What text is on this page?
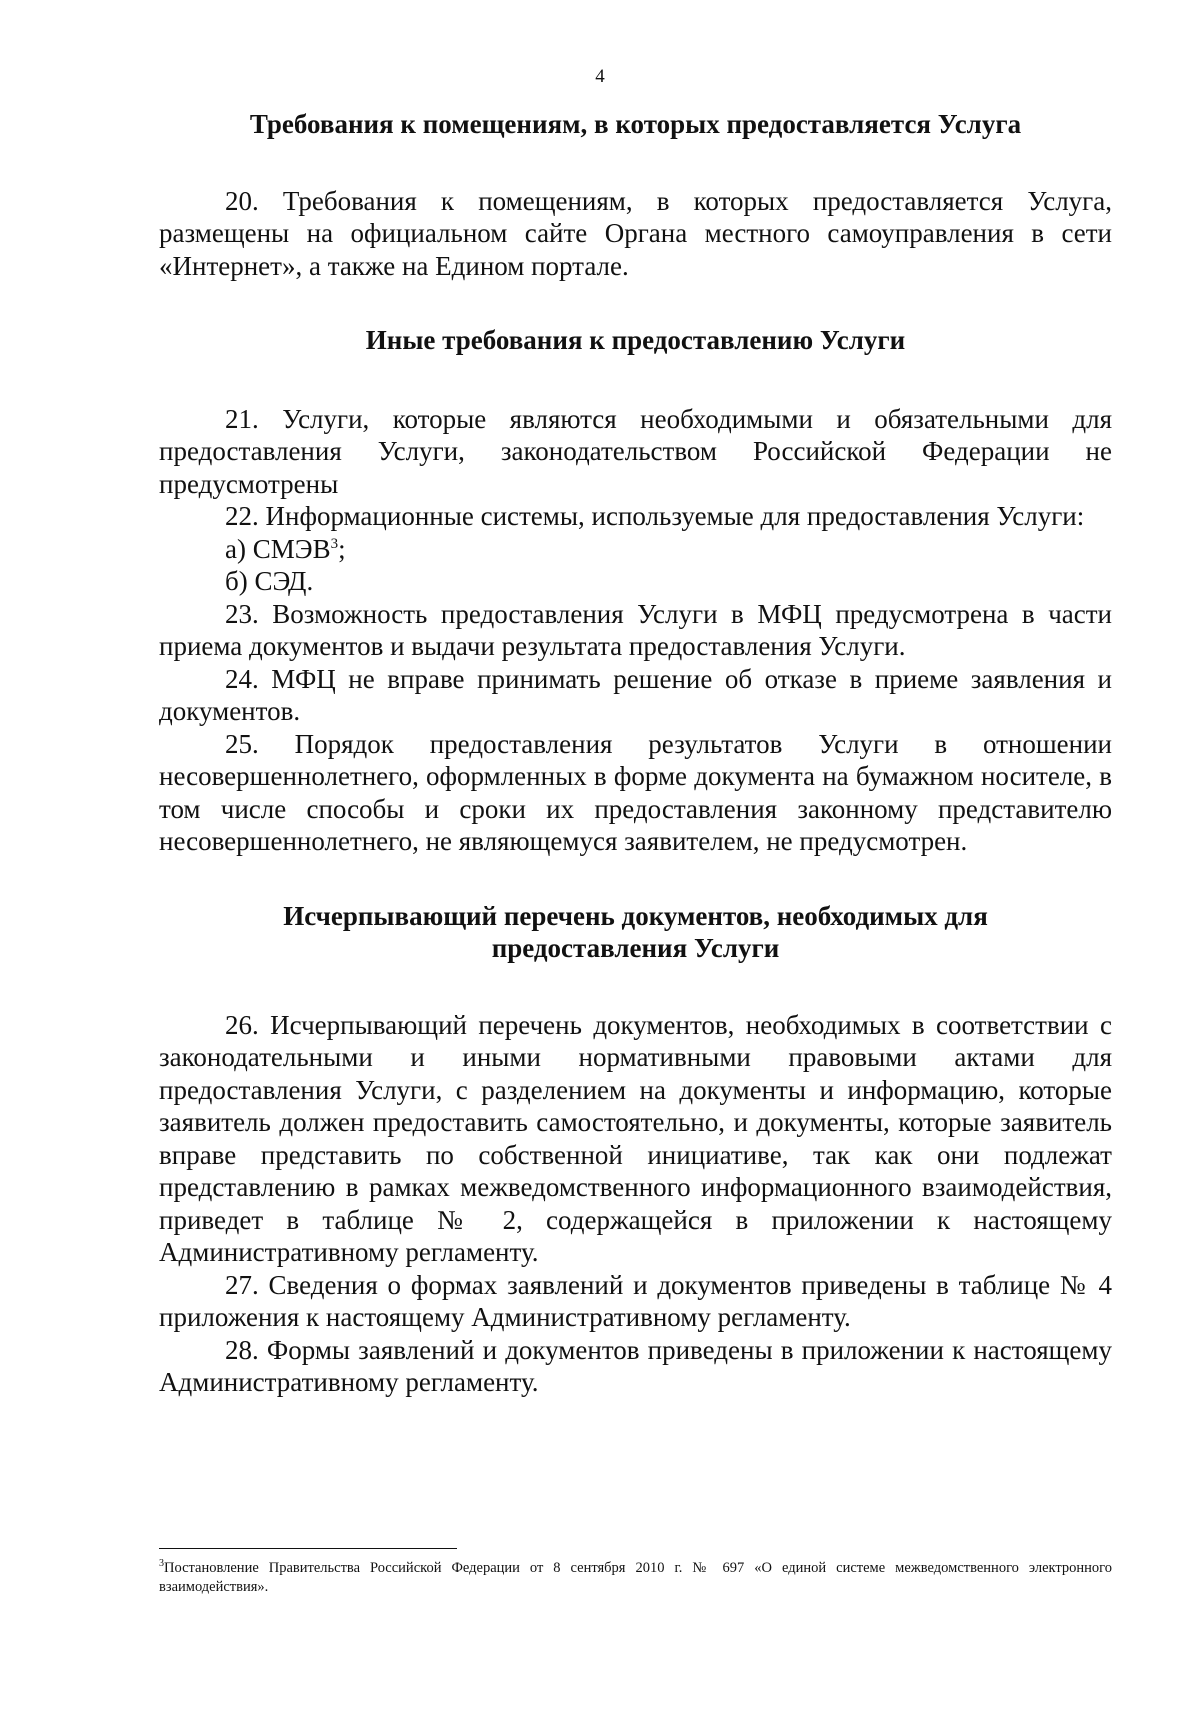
4

Требования к помещениям, в которых предоставляется Услуга

20. Требования к помещениям, в которых предоставляется Услуга, размещены на официальном сайте Органа местного самоуправления в сети «Интернет», а также на Едином портале.

Иные требования к предоставлению Услуги

21. Услуги, которые являются необходимыми и обязательными для предоставления Услуги, законодательством Российской Федерации не предусмотрены

22. Информационные системы, используемые для предоставления Услуги:

а) СМЭВ$^3$;

б) СЭД.

23. Возможность предоставления Услуги в МФЦ предусмотрена в части приема документов и выдачи результата предоставления Услуги.

24. МФЦ не вправе принимать решение об отказе в приеме заявления и документов.

25. Порядок предоставления результатов Услуги в отношении несовершеннолетнего, оформленных в форме документа на бумажном носителе, в том числе способы и сроки их предоставления законному представителю несовершеннолетнего, не являющемуся заявителем, не предусмотрен.

Исчерпывающий перечень документов, необходимых для предоставления Услуги

26. Исчерпывающий перечень документов, необходимых в соответствии с законодательными и иными нормативными правовыми актами для предоставления Услуги, с разделением на документы и информацию, которые заявитель должен предоставить самостоятельно, и документы, которые заявитель вправе представить по собственной инициативе, так как они подлежат представлению в рамках межведомственного информационного взаимодействия, приведет в таблице № 2, содержащейся в приложении к настоящему Административному регламенту.

27. Сведения о формах заявлений и документов приведены в таблице № 4 приложения к настоящему Административному регламенту.

28. Формы заявлений и документов приведены в приложении к настоящему Административному регламенту.

$^3$Постановление Правительства Российской Федерации от 8 сентября 2010 г. № 697 «О единой системе межведомственного электронного взаимодействия».
